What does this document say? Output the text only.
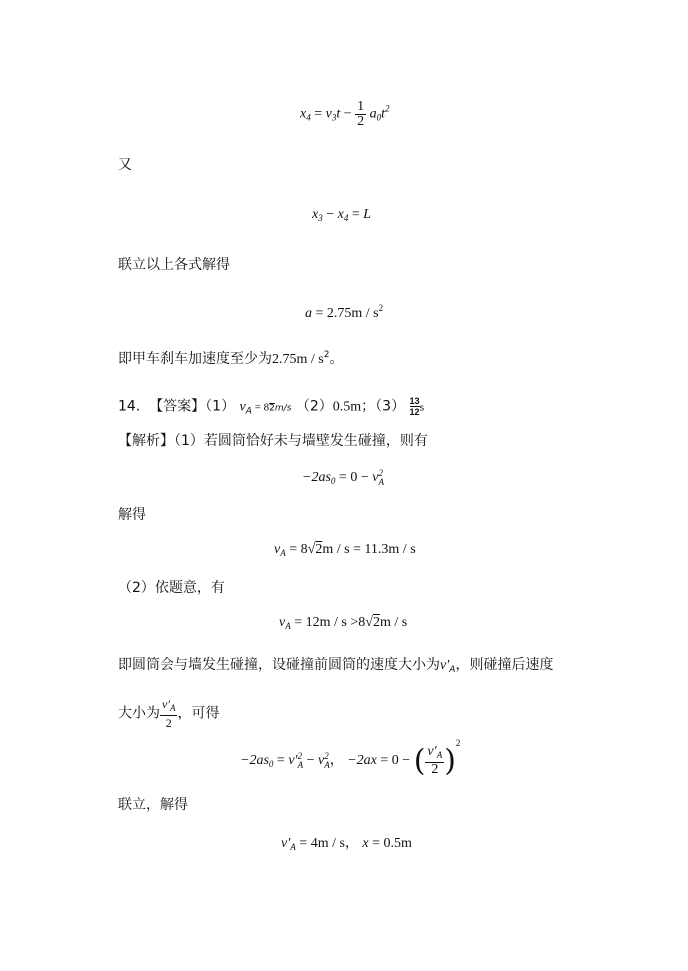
$x_4 = v_3t - \frac{1}{2} a_0t^2$
又
$x_3 - x_4 = L$
联立以上各式解得
$a = 2.75m / s^2$
即甲车刹车加速度至少为$2.75m / s^2$。
14. 【答案】（1） $v_A = 82m/s$ （2）0.5m；$(3) \frac{13}{12}s$
【解析】（1）若圆筒恰好未与墙壁发生碰撞，则有
$-2as_0 = 0 - v$ 2
A
解得
$v_A = 8√2m / s = 11.3m / s$
（2）依题意，有
$v_A = 12m / s >8√2m / s$
即圆筒会与墙发生碰撞，设碰撞前圆筒的速度大小为$v'_A$，则碰撞后速度
大小为 $\frac{v'_A}{2}$ ，可得
$-2as_0 = v'$ 2
A − v 2
A ， −2ax = 0 − ( $\frac{v'_A}{2} )^2$
联立，解得
$v'_A = 4m / s$， x = 0.5m
